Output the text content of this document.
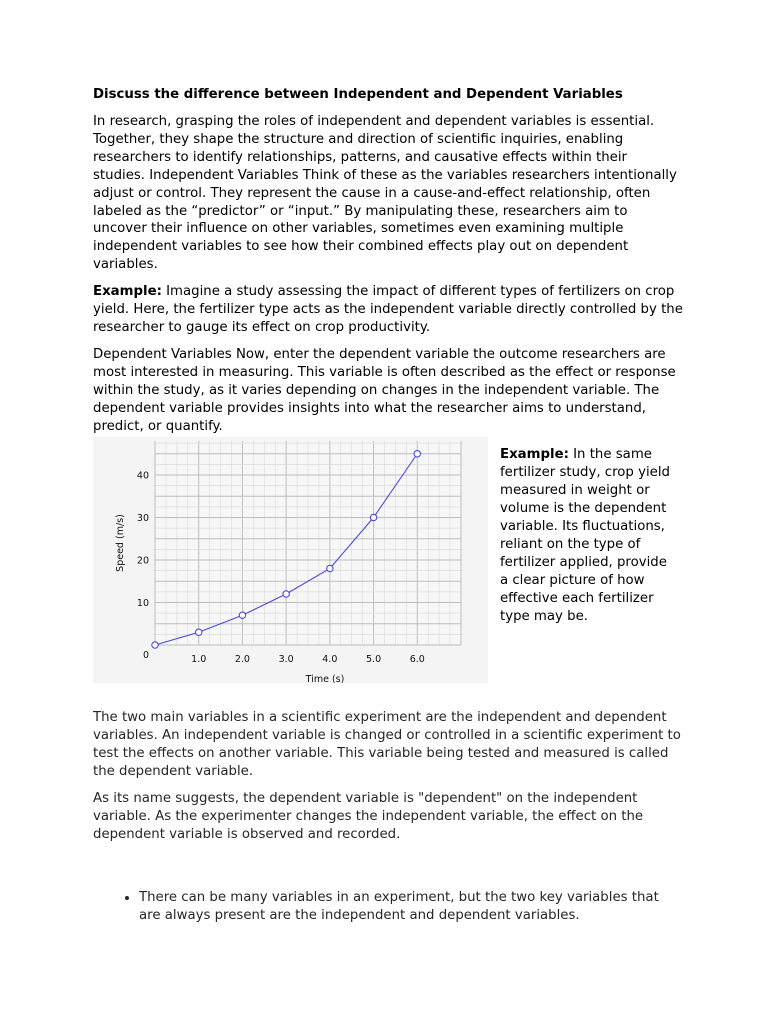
Discuss the difference between Independent and Dependent Variables

In research, grasping the roles of independent and dependent variables is essential. Together, they shape the structure and direction of scientific inquiries, enabling researchers to identify relationships, patterns, and causative effects within their studies. Independent Variables Think of these as the variables researchers intentionally adjust or control. They represent the cause in a cause-and-effect relationship, often labeled as the “predictor” or “input.” By manipulating these, researchers aim to uncover their influence on other variables, sometimes even examining multiple independent variables to see how their combined effects play out on dependent variables.

Example: Imagine a study assessing the impact of different types of fertilizers on crop yield. Here, the fertilizer type acts as the independent variable directly controlled by the researcher to gauge its effect on crop productivity.

Dependent Variables Now, enter the dependent variable the outcome researchers are most interested in measuring. This variable is often described as the effect or response within the study, as it varies depending on changes in the independent variable. The dependent variable provides insights into what the researcher aims to understand, predict, or quantify.

1.0	2.0	3.0	4.0	5.0	6.0
10
20
30
40
0
Time (s)
Speed (m/s)
Example: In the same fertilizer study, crop yield measured in weight or volume is the dependent variable. Its fluctuations, reliant on the type of fertilizer applied, provide a clear picture of how effective each fertilizer type may be.

The two main variables in a scientific experiment are the independent and dependent variables. An independent variable is changed or controlled in a scientific experiment to test the effects on another variable. This variable being tested and measured is called the dependent variable.

As its name suggests, the dependent variable is "dependent" on the independent variable. As the experimenter changes the independent variable, the effect on the dependent variable is observed and recorded.

• There can be many variables in an experiment, but the two key variables that are always present are the independent and dependent variables.
